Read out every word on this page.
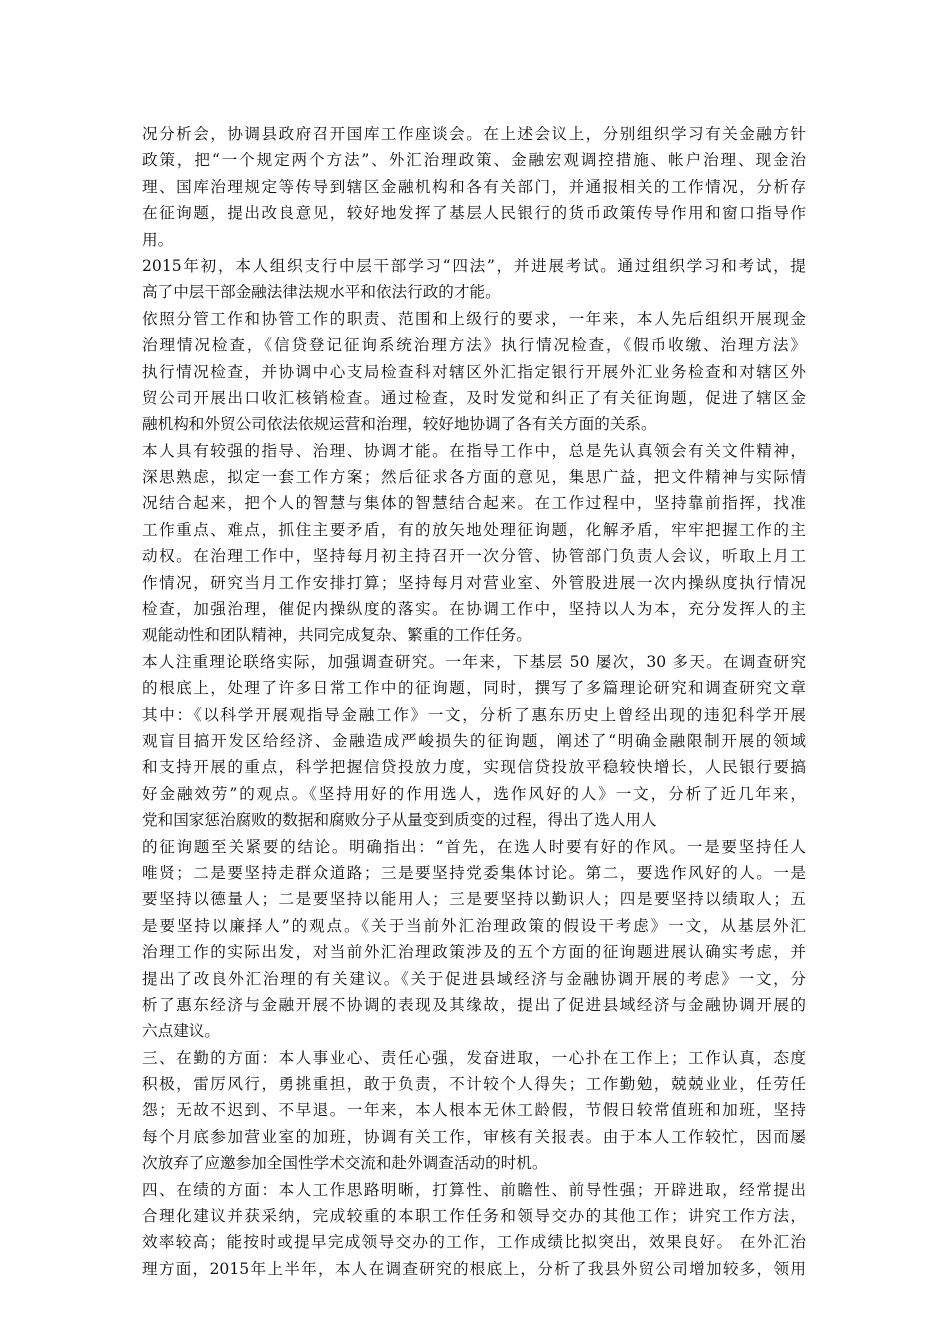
况分析会，协调县政府召开国库工作座谈会。在上述会议上，分别组织学习有关金融方针
政策，把“一个规定两个方法”、外汇治理政策、金融宏观调控措施、帐户治理、现金治
理、国库治理规定等传导到辖区金融机构和各有关部门，并通报相关的工作情况，分析存
在征询题，提出改良意见，较好地发挥了基层人民银行的货币政策传导作用和窗口指导作
用。
2015年初，本人组织支行中层干部学习“四法”，并进展考试。通过组织学习和考试，提
高了中层干部金融法律法规水平和依法行政的才能。
依照分管工作和协管工作的职责、范围和上级行的要求，一年来，本人先后组织开展现金
治理情况检查，《信贷登记征询系统治理方法》执行情况检查，《假币收缴、治理方法》
执行情况检查，并协调中心支局检查科对辖区外汇指定银行开展外汇业务检查和对辖区外
贸公司开展出口收汇核销检查。通过检查，及时发觉和纠正了有关征询题，促进了辖区金
融机构和外贸公司依法依规运营和治理，较好地协调了各有关方面的关系。
本人具有较强的指导、治理、协调才能。在指导工作中，总是先认真领会有关文件精神，
深思熟虑，拟定一套工作方案；然后征求各方面的意见，集思广益，把文件精神与实际情
况结合起来，把个人的智慧与集体的智慧结合起来。在工作过程中，坚持靠前指挥，找准
工作重点、难点，抓住主要矛盾，有的放矢地处理征询题，化解矛盾，牢牢把握工作的主
动权。在治理工作中，坚持每月初主持召开一次分管、协管部门负责人会议，听取上月工
作情况，研究当月工作安排打算；坚持每月对营业室、外管股进展一次内操纵度执行情况
检查，加强治理，催促内操纵度的落实。在协调工作中，坚持以人为本，充分发挥人的主
观能动性和团队精神，共同完成复杂、繁重的工作任务。
本人注重理论联络实际，加强调查研究。一年来，下基层 50 屡次，30 多天。在调查研究
的根底上，处理了许多日常工作中的征询题，同时，撰写了多篇理论研究和调查研究文章
其中：《以科学开展观指导金融工作》一文，分析了惠东历史上曾经出现的违犯科学开展
观盲目搞开发区给经济、金融造成严峻损失的征询题，阐述了“明确金融限制开展的领域
和支持开展的重点，科学把握信贷投放力度，实现信贷投放平稳较快增长，人民银行要搞
好金融效劳”的观点。《坚持用好的作用选人，选作风好的人》一文，分析了近几年来，
党和国家惩治腐败的数据和腐败分子从量变到质变的过程，得出了选人用人
的征询题至关紧要的结论。明确指出：“首先，在选人时要有好的作风。一是要坚持任人
唯贤；二是要坚持走群众道路；三是要坚持党委集体讨论。第二，要选作风好的人。一是
要坚持以德量人；二是要坚持以能用人；三是要坚持以勤识人；四是要坚持以绩取人；五
是要坚持以廉择人”的观点。《关于当前外汇治理政策的假设干考虑》一文，从基层外汇
治理工作的实际出发，对当前外汇治理政策涉及的五个方面的征询题进展认确实考虑，并
提出了改良外汇治理的有关建议。《关于促进县域经济与金融协调开展的考虑》一文，分
析了惠东经济与金融开展不协调的表现及其缘故，提出了促进县域经济与金融协调开展的
六点建议。
三、在勤的方面：本人事业心、责任心强，发奋进取，一心扑在工作上；工作认真，态度
积极，雷厉风行，勇挑重担，敢于负责，不计较个人得失；工作勤勉，兢兢业业，任劳任
怨；无故不迟到、不早退。一年来，本人根本无休工龄假，节假日较常值班和加班，坚持
每个月底参加营业室的加班，协调有关工作，审核有关报表。由于本人工作较忙，因而屡
次放弃了应邀参加全国性学术交流和赴外调查活动的时机。
四、在绩的方面：本人工作思路明晰，打算性、前瞻性、前导性强；开辟进取，经常提出
合理化建议并获采纳，完成较重的本职工作任务和领导交办的其他工作；讲究工作方法，
效率较高；能按时或提早完成领导交办的工作，工作成绩比拟突出，效果良好。 在外汇治
理方面，2015年上半年，本人在调查研究的根底上，分析了我县外贸公司增加较多，领用
